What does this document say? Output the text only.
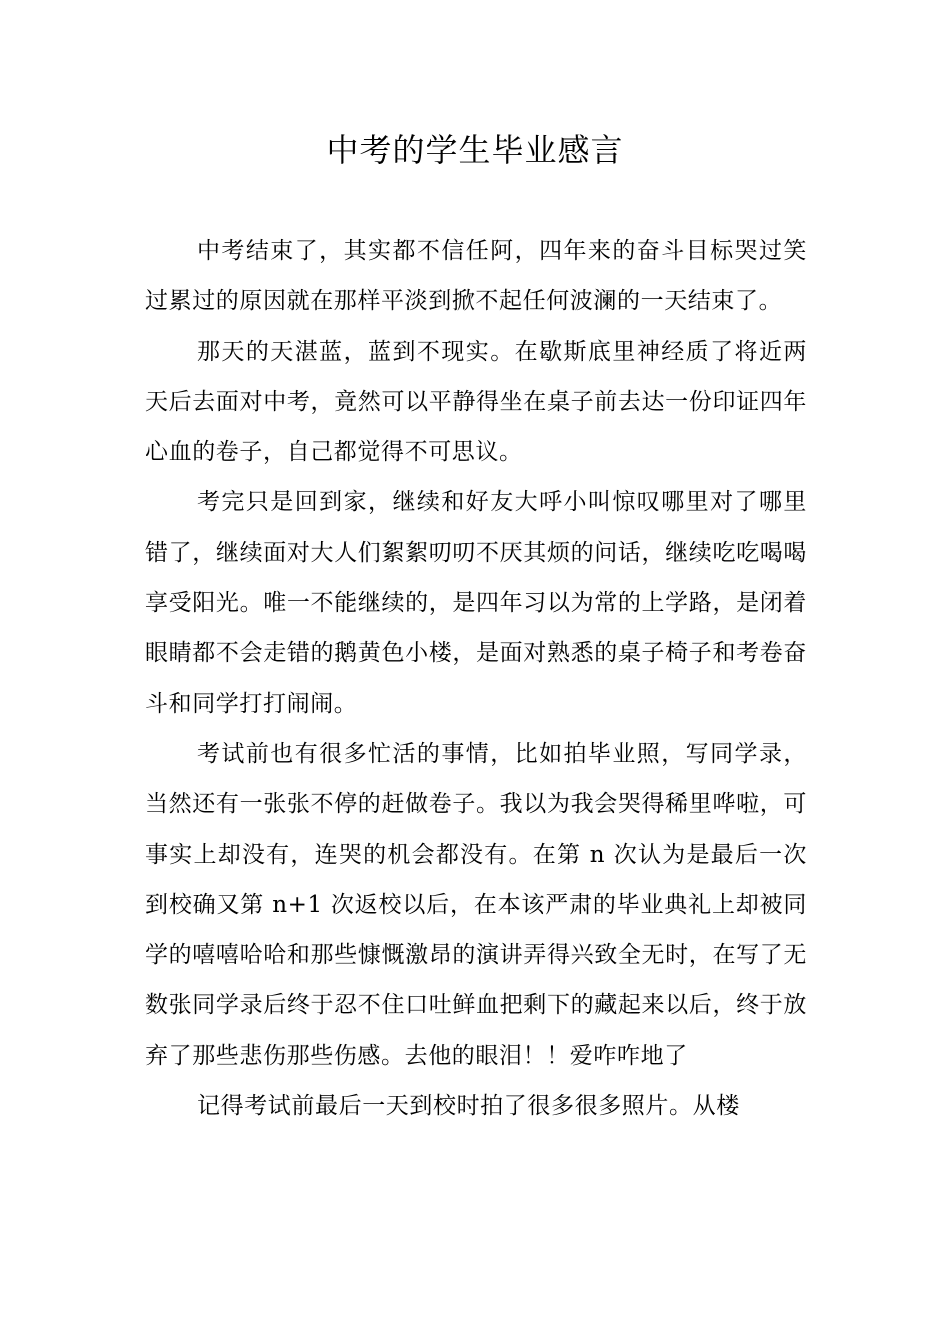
中考的学生毕业感言

中考结束了，其实都不信任阿，四年来的奋斗目标哭过笑过累过的原因就在那样平淡到掀不起任何波澜的一天结束了。

那天的天湛蓝，蓝到不现实。在歇斯底里神经质了将近两天后去面对中考，竟然可以平静得坐在桌子前去达一份印证四年心血的卷子，自己都觉得不可思议。

考完只是回到家，继续和好友大呼小叫惊叹哪里对了哪里错了，继续面对大人们絮絮叨叨不厌其烦的问话，继续吃吃喝喝享受阳光。唯一不能继续的，是四年习以为常的上学路，是闭着眼睛都不会走错的鹅黄色小楼，是面对熟悉的桌子椅子和考卷奋斗和同学打打闹闹。

考试前也有很多忙活的事情，比如拍毕业照，写同学录，当然还有一张张不停的赶做卷子。我以为我会哭得稀里哗啦，可事实上却没有，连哭的机会都没有。在第 n 次认为是最后一次到校确又第 n+1 次返校以后，在本该严肃的毕业典礼上却被同学的嘻嘻哈哈和那些慷慨激昂的演讲弄得兴致全无时，在写了无数张同学录后终于忍不住口吐鲜血把剩下的藏起来以后，终于放弃了那些悲伤那些伤感。去他的眼泪！！爱咋咋地了

记得考试前最后一天到校时拍了很多很多照片。从楼
